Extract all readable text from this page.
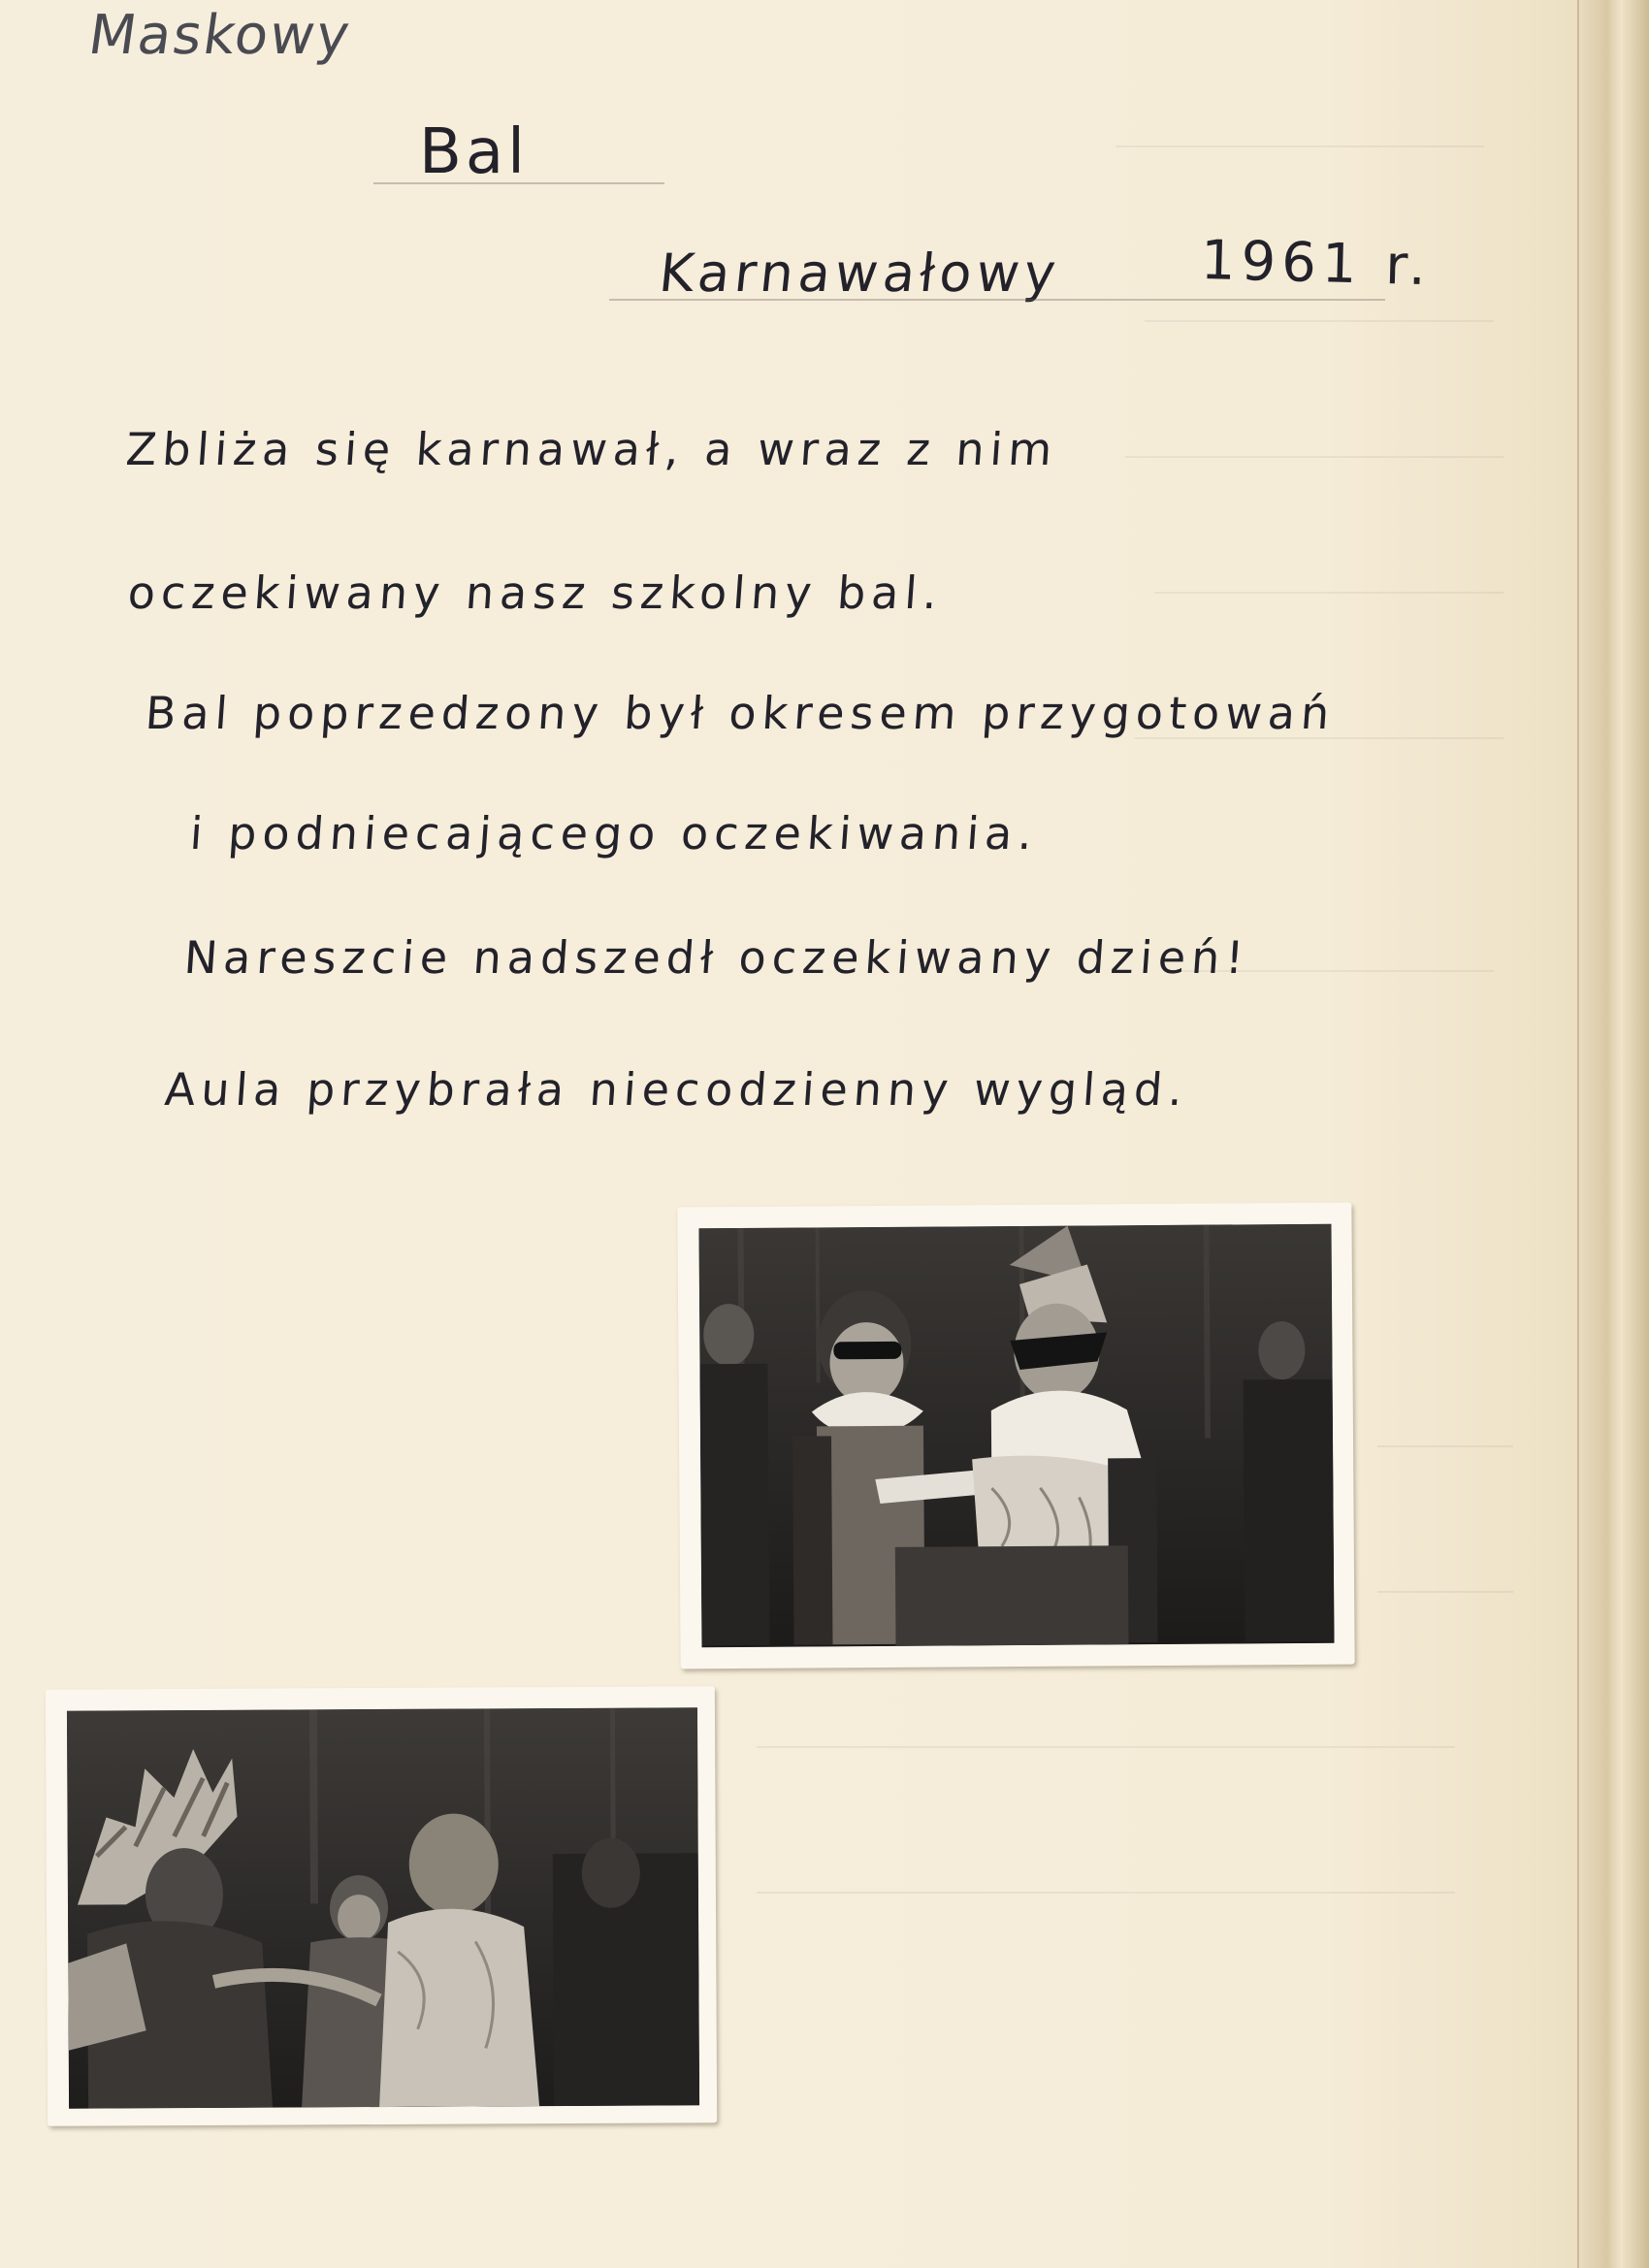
Maskowy
Bal
Karnawałowy	1961 r.
Zbliża się karnawał, a wraz z nim
oczekiwany nasz szkolny bal.
Bal poprzedzony był okresem przygotowań
i podniecającego oczekiwania.
Nareszcie nadszedł oczekiwany dzień!
Aula przybrała niecodzienny wygląd.
